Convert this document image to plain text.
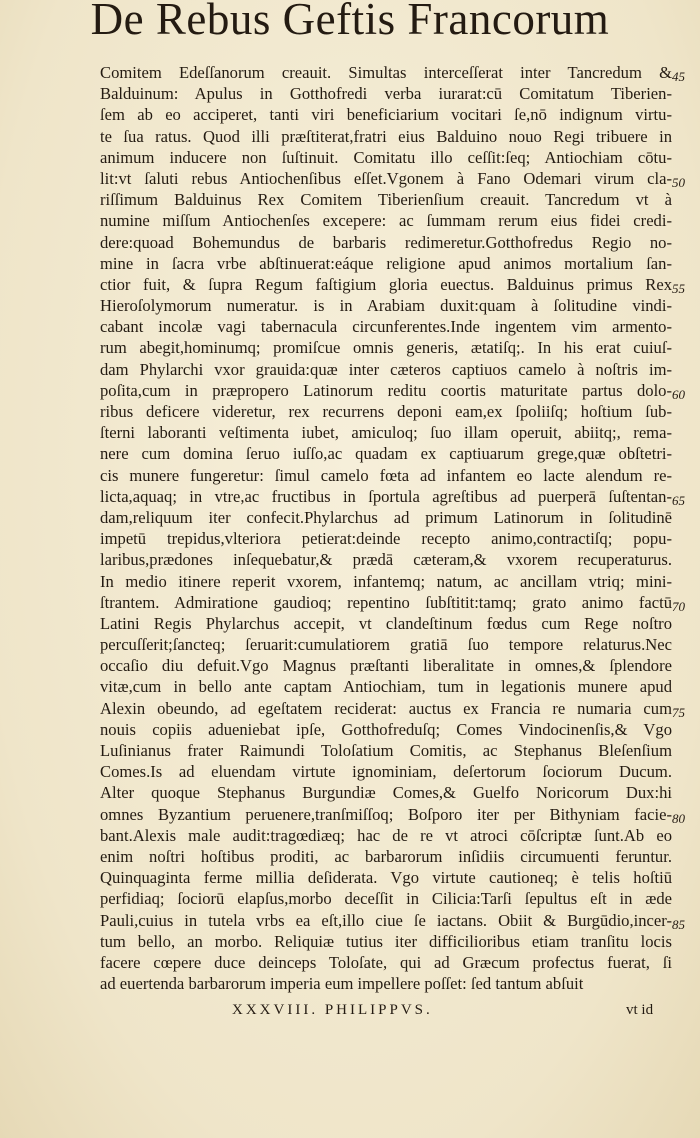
De Rebus Geftis Francorum
Comitem Edeſſanorum creauit. Simultas interceſſerat inter Tancredum &
Balduinum: Apulus in Gotthofredi verba iurarat:cū Comitatum Tiberien-
ſem ab eo acciperet, tanti viri beneficiarium vocitari ſe,nō indignum virtu-
te ſua ratus. Quod illi præſtiterat,fratri eius Balduino nouo Regi tribuere in
animum inducere non ſuſtinuit. Comitatu illo ceſſit:ſeq; Antiochiam cōtu-
lit:vt ſaluti rebus Antiochenſibus eſſet.Vgonem à Fano Odemari virum cla-
riſſimum Balduinus Rex Comitem Tiberienſium creauit. Tancredum vt à
numine miſſum Antiochenſes excepere: ac ſummam rerum eius fidei credi-
dere:quoad Bohemundus de barbaris redimeretur.Gotthofredus Regio no-
mine in ſacra vrbe abſtinuerat:eáque religione apud animos mortalium ſan-
ctior fuit, & ſupra Regum faſtigium gloria euectus. Balduinus primus Rex
Hieroſolymorum numeratur. is in Arabiam duxit:quam à ſolitudine vindi-
cabant incolæ vagi tabernacula circunferentes.Inde ingentem vim armento-
rum abegit,hominumq; promiſcue omnis generis, ætatiſq;. In his erat cuiuſ-
dam Phylarchi vxor grauida:quæ inter cæteros captiuos camelo à noſtris im-
poſita,cum in præpropero Latinorum reditu coortis maturitate partus dolo-
ribus deficere videretur, rex recurrens deponi eam,ex ſpoliiſq; hoſtium ſub-
ſterni laboranti veſtimenta iubet, amiculoq; ſuo illam operuit, abiitq;, rema-
nere cum domina ſeruo iuſſo,ac quadam ex captiuarum grege,quæ obſtetri-
cis munere fungeretur: ſimul camelo fœta ad infantem eo lacte alendum re-
licta,aquaq; in vtre,ac fructibus in ſportula agreſtibus ad puerperā ſuſtentan-
dam,reliquum iter confecit.Phylarchus ad primum Latinorum in ſolitudinē
impetū trepidus,vlteriora petierat:deinde recepto animo,contractiſq; popu-
laribus,prædones inſequebatur,& prædā cæteram,& vxorem recuperaturus.
In medio itinere reperit vxorem, infantemq; natum, ac ancillam vtriq; mini-
ſtrantem. Admiratione gaudioq; repentino ſubſtitit:tamq; grato animo factū
Latini Regis Phylarchus accepit, vt clandeſtinum fœdus cum Rege noſtro
percuſſerit;ſancteq; ſeruarit:cumulatiorem gratiā ſuo tempore relaturus.Nec
occaſio diu defuit.Vgo Magnus præſtanti liberalitate in omnes,& ſplendore
vitæ,cum in bello ante captam Antiochiam, tum in legationis munere apud
Alexin obeundo, ad egeſtatem reciderat: auctus ex Francia re numaria cum
nouis copiis adueniebat ipſe, Gotthofreduſq; Comes Vindocinenſis,& Vgo
Luſinianus frater Raimundi Toloſatium Comitis, ac Stephanus Bleſenſium
Comes.Is ad eluendam virtute ignominiam, deſertorum ſociorum Ducum.
Alter quoque Stephanus Burgundiæ Comes,& Guelfo Noricorum Dux:hi
omnes Byzantium peruenere,tranſmiſſoq; Boſporo iter per Bithyniam facie-
bant.Alexis male audit:tragœdiæq; hac de re vt atroci cōſcriptæ ſunt.Ab eo
enim noſtri hoſtibus proditi, ac barbarorum inſidiis circumuenti feruntur.
Quinquaginta ferme millia deſiderata. Vgo virtute cautioneq; è telis hoſtiū
perfidiaq; ſociorū elapſus,morbo deceſſit in Cilicia:Tarſi ſepultus eſt in æde
Pauli,cuius in tutela vrbs ea eſt,illo ciue ſe iactans. Obiit & Burgūdio,incer-
tum bello, an morbo. Reliquiæ tutius iter difficilioribus etiam tranſitu locis
facere cœpere duce deinceps Toloſate, qui ad Græcum profectus fuerat, ſi
ad euertenda barbarorum imperia eum impellere poſſet: ſed tantum abſuit
45
50
55
60
65
70
75
80
85
XXXVIII. PHILIPPVS.	vt id
